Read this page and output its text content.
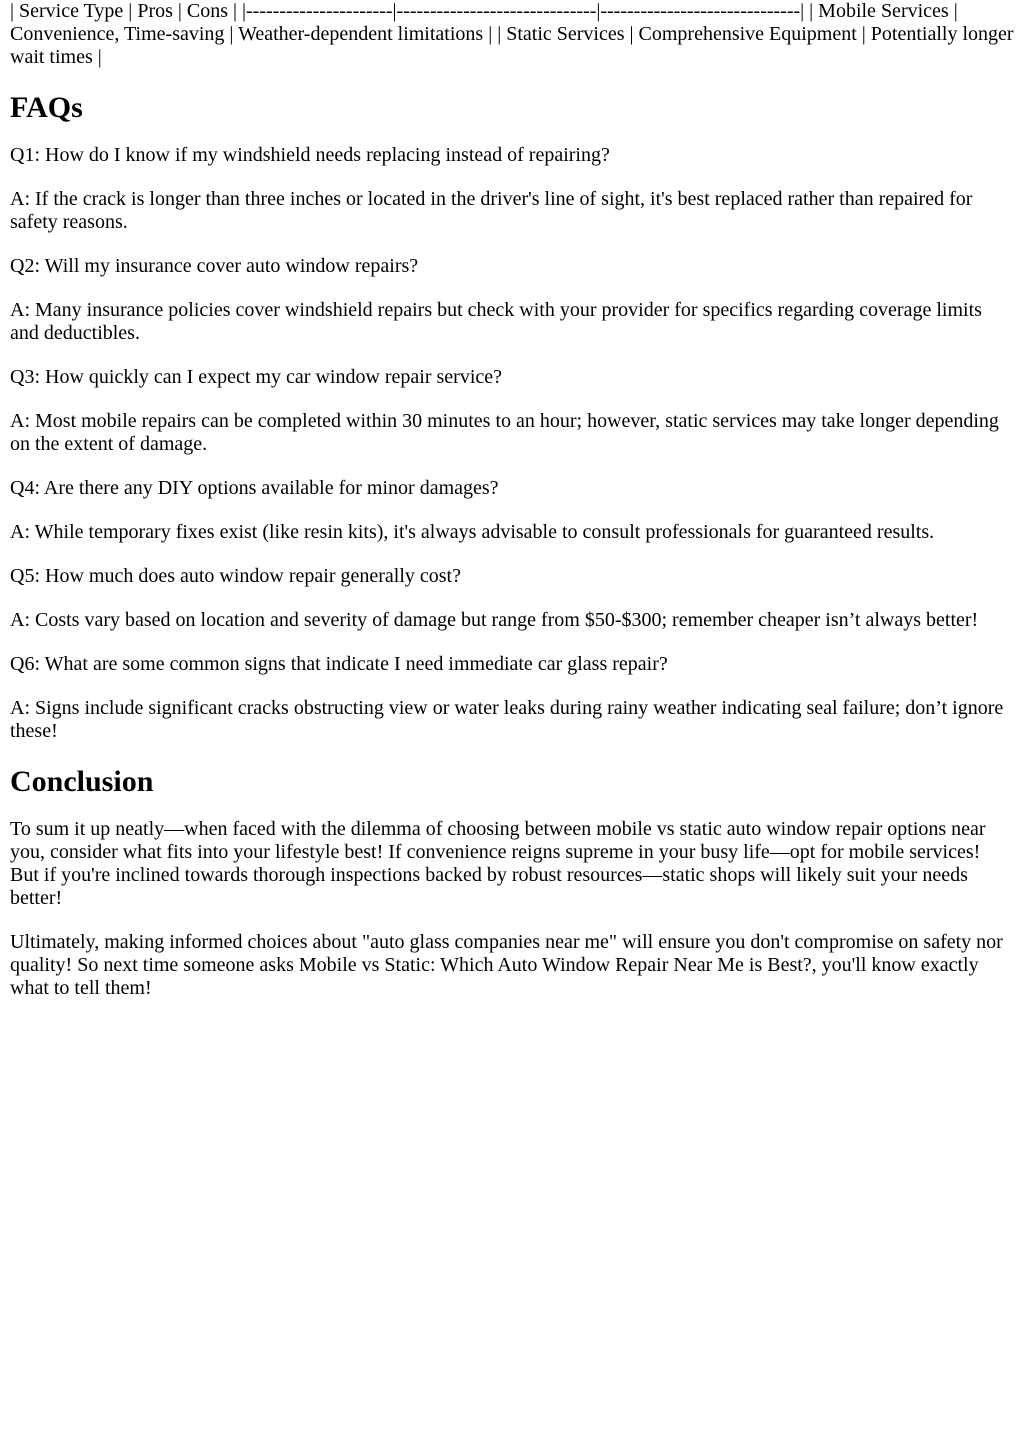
| Service Type | Pros | Cons | |----------------------|------------------------------|------------------------------| | Mobile Services | Convenience, Time-saving | Weather-dependent limitations | | Static Services | Comprehensive Equipment | Potentially longer wait times |

FAQs

Q1: How do I know if my windshield needs replacing instead of repairing?

A: If the crack is longer than three inches or located in the driver's line of sight, it's best replaced rather than repaired for safety reasons.

Q2: Will my insurance cover auto window repairs?

A: Many insurance policies cover windshield repairs but check with your provider for specifics regarding coverage limits and deductibles.

Q3: How quickly can I expect my car window repair service?

A: Most mobile repairs can be completed within 30 minutes to an hour; however, static services may take longer depending on the extent of damage.

Q4: Are there any DIY options available for minor damages?

A: While temporary fixes exist (like resin kits), it's always advisable to consult professionals for guaranteed results.

Q5: How much does auto window repair generally cost?

A: Costs vary based on location and severity of damage but range from $50-$300; remember cheaper isn’t always better!

Q6: What are some common signs that indicate I need immediate car glass repair?

A: Signs include significant cracks obstructing view or water leaks during rainy weather indicating seal failure; don’t ignore these!

Conclusion

To sum it up neatly—when faced with the dilemma of choosing between mobile vs static auto window repair options near you, consider what fits into your lifestyle best! If convenience reigns supreme in your busy life—opt for mobile services! But if you're inclined towards thorough inspections backed by robust resources—static shops will likely suit your needs better!

Ultimately, making informed choices about "auto glass companies near me" will ensure you don't compromise on safety nor quality! So next time someone asks Mobile vs Static: Which Auto Window Repair Near Me is Best?, you'll know exactly what to tell them!
